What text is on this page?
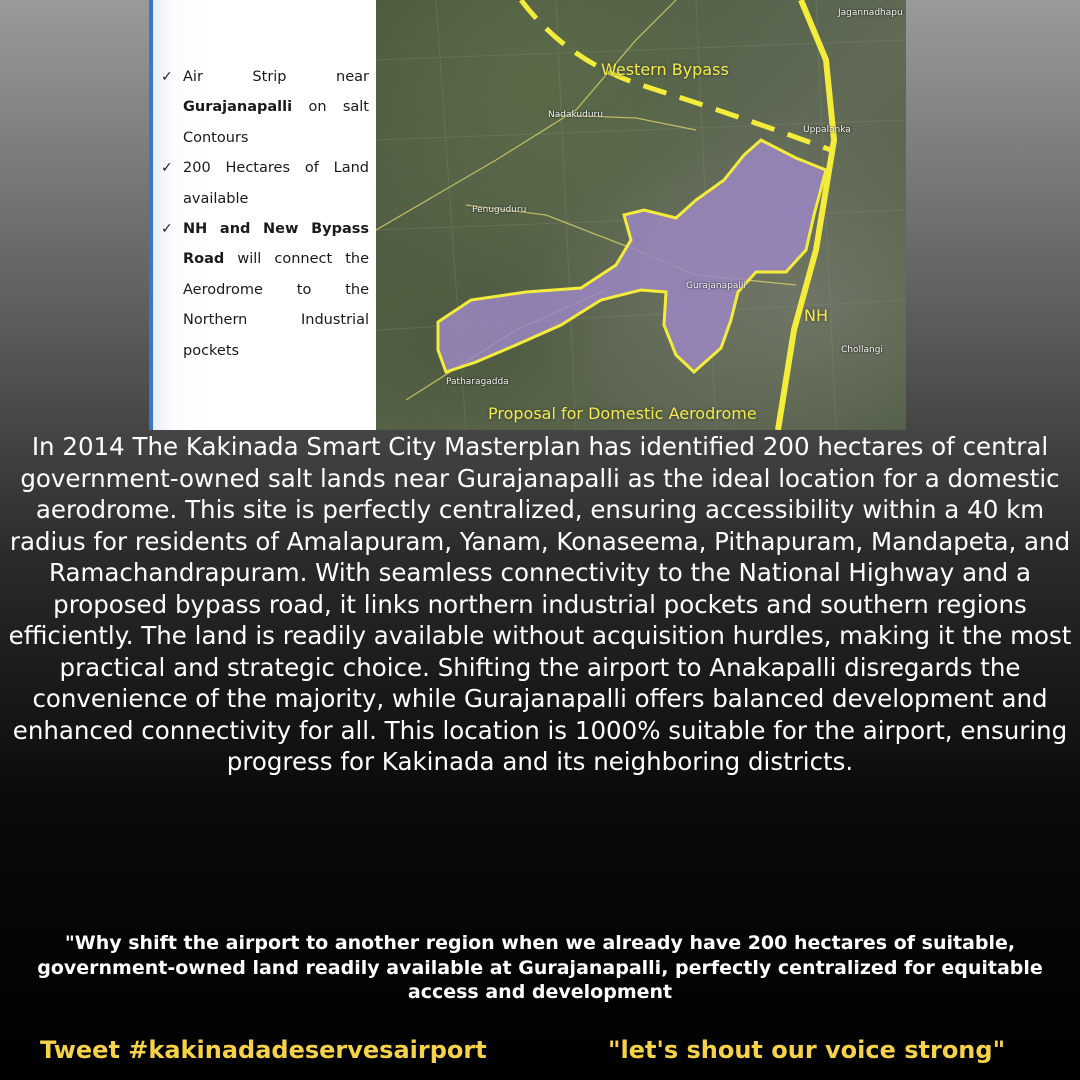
✓ Air Strip near Gurajanapalli on salt Contours
✓ 200 Hectares of Land available
✓ NH and New Bypass Road will connect the Aerodrome to the Northern Industrial pockets
Western Bypass
NH
Proposal for Domestic Aerodrome
Nadakuduru
Penuguduru
Gurajanapalli
Patharagadda
Chollangi
Uppalanka
Jagannadhapu

In 2014 The Kakinada Smart City Masterplan has identified 200 hectares of central government-owned salt lands near Gurajanapalli as the ideal location for a domestic aerodrome. This site is perfectly centralized, ensuring accessibility within a 40 km radius for residents of Amalapuram, Yanam, Konaseema, Pithapuram, Mandapeta, and Ramachandrapuram. With seamless connectivity to the National Highway and a proposed bypass road, it links northern industrial pockets and southern regions efficiently. The land is readily available without acquisition hurdles, making it the most practical and strategic choice. Shifting the airport to Anakapalli disregards the convenience of the majority, while Gurajanapalli offers balanced development and enhanced connectivity for all. This location is 1000% suitable for the airport, ensuring progress for Kakinada and its neighboring districts.

"Why shift the airport to another region when we already have 200 hectares of suitable, government-owned land readily available at Gurajanapalli, perfectly centralized for equitable access and development

Tweet #kakinadadeservesairport	"let's shout our voice strong"
